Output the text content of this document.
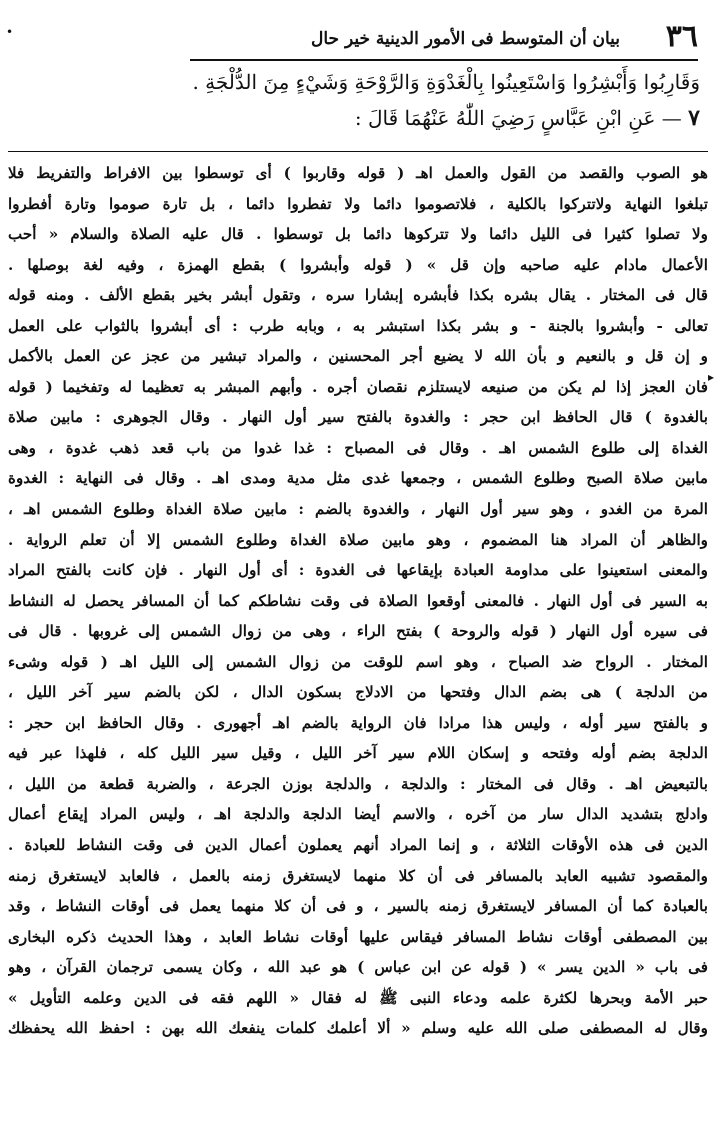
٣٦
بيان أن المتوسط فى الأمور الدينية خير حال
وَقَارِبُوا وَأَبْشِرُوا وَاسْتَعِينُوا بِالْغَدْوَةِ وَالرَّوْحَةِ وَشَيْءٍ مِنَ الدُّلْجَةِ .
٧ — عَنِ ابْنِ عَبَّاسٍ رَضِيَ اللّٰهُ عَنْهُمَا قَالَ :
هو الصوب والقصد من القول والعمل اهـ ( قوله وقاربوا ) أى توسطوا بين الافراط والتفريط فلا
تبلغوا النهاية ولاتتركوا بالكلية ، فلاتصوموا دائما ولا تفطروا دائما ، بل تارة صوموا وتارة أفطروا
ولا تصلوا كثيرا فى الليل دائما ولا تتركوها دائما بل توسطوا . قال عليه الصلاة والسلام « أحب
الأعمال مادام عليه صاحبه وإن قل » ( قوله وأبشروا ) بقطع الهمزة ، وفيه لغة بوصلها .
قال فى المختار . يقال بشره بكذا فأبشره إبشارا سره ، وتقول أبشر بخير بقطع الألف . ومنه قوله
تعالى - وأبشروا بالجنة - و بشر بكذا استبشر به ، وبابه طرب : أى أبشروا بالثواب على العمل
و إن قل و بالنعيم و بأن الله لا يضيع أجر المحسنين ، والمراد تبشير من عجز عن العمل بالأكمل
فان العجز إذا لم يكن من صنيعه لايستلزم نقصان أجره . وأبهم المبشر به تعظيما له وتفخيما ( قوله
بالغدوة ) قال الحافظ ابن حجر : والغدوة بالفتح سير أول النهار . وقال الجوهرى : مابين صلاة
الغداة إلى طلوع الشمس اهـ . وقال فى المصباح : غدا غدوا من باب قعد ذهب غدوة ، وهى
مابين صلاة الصبح وطلوع الشمس ، وجمعها غدى مثل مدية ومدى اهـ . وقال فى النهاية : الغدوة
المرة من الغدو ، وهو سير أول النهار ، والغدوة بالضم : مابين صلاة الغداة وطلوع الشمس اهـ ،
والظاهر أن المراد هنا المضموم ، وهو مابين صلاة الغداة وطلوع الشمس إلا أن تعلم الرواية .
والمعنى استعينوا على مداومة العبادة بإيقاعها فى الغدوة : أى أول النهار . فإن كانت بالفتح المراد
به السير فى أول النهار . فالمعنى أوقعوا الصلاة فى وقت نشاطكم كما أن المسافر يحصل له النشاط
فى سيره أول النهار ( قوله والروحة ) بفتح الراء ، وهى من زوال الشمس إلى غروبها . قال فى
المختار . الرواح ضد الصباح ، وهو اسم للوقت من زوال الشمس إلى الليل اهـ ( قوله وشىء
من الدلجة ) هى بضم الدال وفتحها من الادلاج بسكون الدال ، لكن بالضم سير آخر الليل ،
و بالفتح سير أوله ، وليس هذا مرادا فان الرواية بالضم اهـ أجهورى . وقال الحافظ ابن حجر :
الدلجة بضم أوله وفتحه و إسكان اللام سير آخر الليل ، وقيل سير الليل كله ، فلهذا عبر فيه
بالتبعيض اهـ . وقال فى المختار : والدلجة ، والدلجة بوزن الجرعة ، والضربة قطعة من الليل ،
وادلج بتشديد الدال سار من آخره ، والاسم أيضا الدلجة والدلجة اهـ ، وليس المراد إيقاع أعمال
الدين فى هذه الأوقات الثلاثة ، و إنما المراد أنهم يعملون أعمال الدين فى وقت النشاط للعبادة .
والمقصود تشبيه العابد بالمسافر فى أن كلا منهما لايستغرق زمنه بالعمل ، فالعابد لايستغرق زمنه
بالعبادة كما أن المسافر لايستغرق زمنه بالسير ، و فى أن كلا منهما يعمل فى أوقات النشاط ، وقد
بين المصطفى أوقات نشاط المسافر فيقاس عليها أوقات نشاط العابد ، وهذا الحديث ذكره البخارى
فى باب « الدين يسر » ( قوله عن ابن عباس ) هو عبد الله ، وكان يسمى ترجمان القرآن ، وهو
حبر الأمة وبحرها لكثرة علمه ودعاء النبى ﷺ له فقال « اللهم فقه فى الدين وعلمه التأويل »
وقال له المصطفى صلى الله عليه وسلم « ألا أعلمك كلمات ينفعك الله بهن : احفظ الله يحفظك
•
▸
